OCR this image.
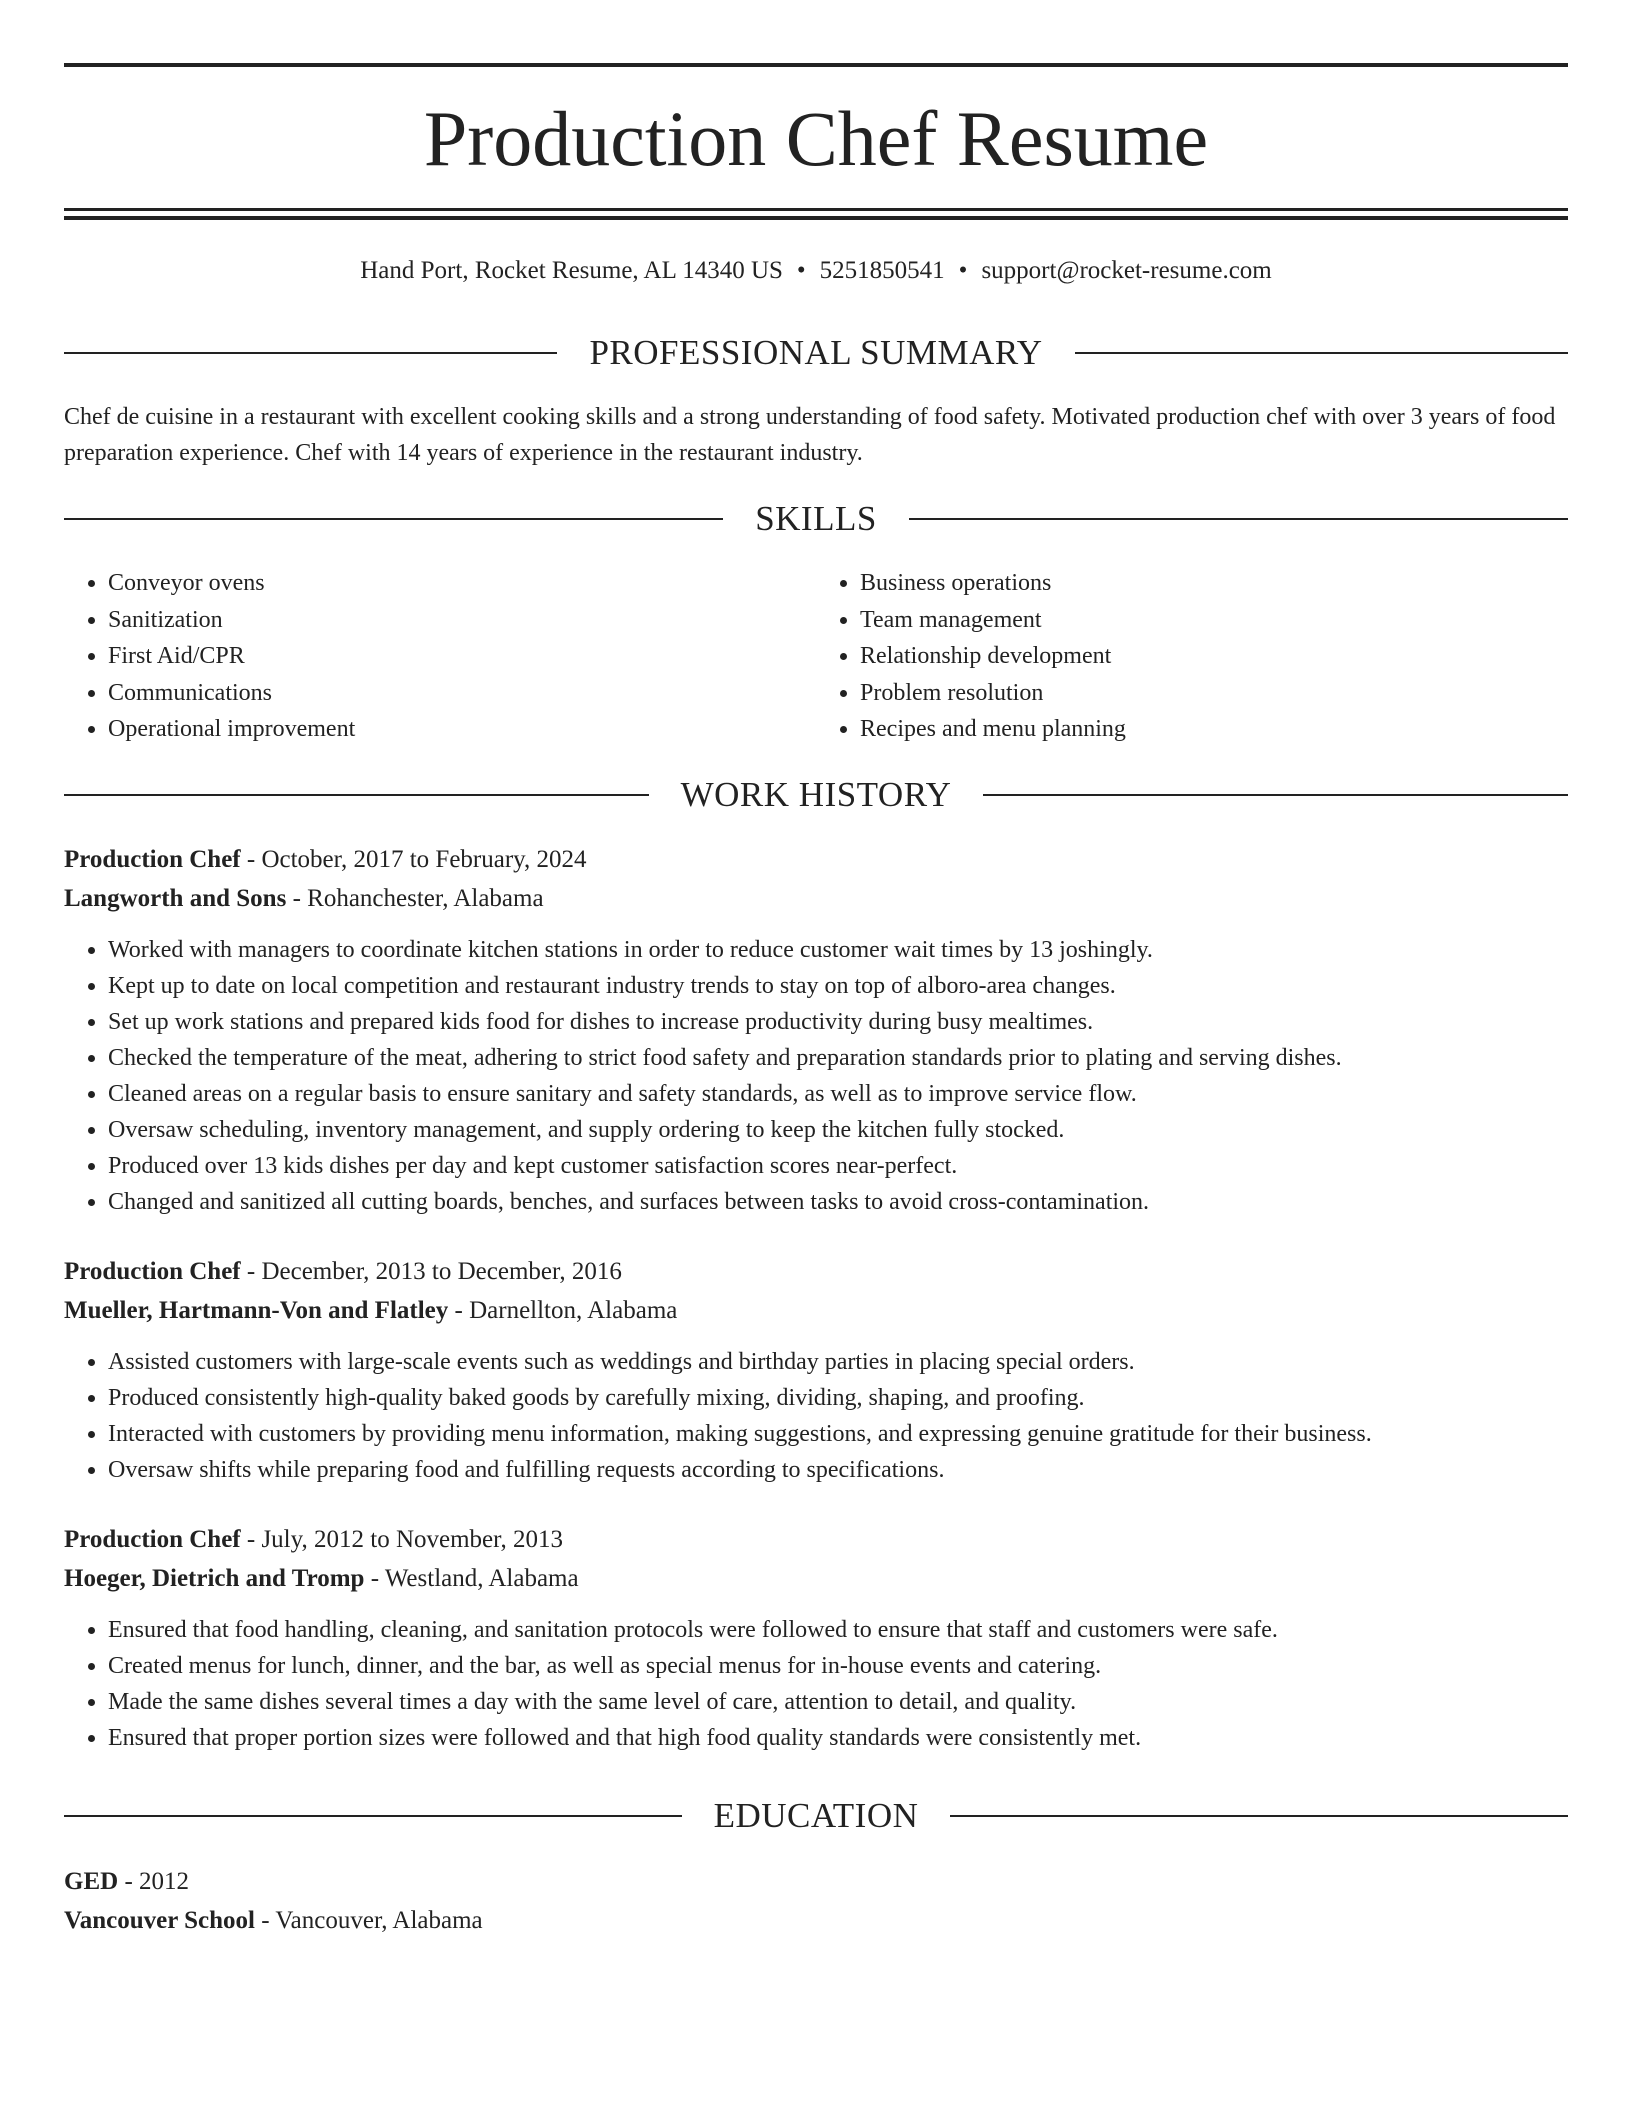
Production Chef Resume
Hand Port, Rocket Resume, AL 14340 US • 5251850541 • support@rocket-resume.com
PROFESSIONAL SUMMARY

Chef de cuisine in a restaurant with excellent cooking skills and a strong understanding of food safety. Motivated production chef with over 3 years of food preparation experience. Chef with 14 years of experience in the restaurant industry.

SKILLS
• Conveyor ovens
• Sanitization
• First Aid/CPR
• Communications
• Operational improvement
• Business operations
• Team management
• Relationship development
• Problem resolution
• Recipes and menu planning
WORK HISTORY
Production Chef - October, 2017 to February, 2024
Langworth and Sons - Rohanchester, Alabama
• Worked with managers to coordinate kitchen stations in order to reduce customer wait times by 13 joshingly.
• Kept up to date on local competition and restaurant industry trends to stay on top of alboro-area changes.
• Set up work stations and prepared kids food for dishes to increase productivity during busy mealtimes.
• Checked the temperature of the meat, adhering to strict food safety and preparation standards prior to plating and serving dishes.
• Cleaned areas on a regular basis to ensure sanitary and safety standards, as well as to improve service flow.
• Oversaw scheduling, inventory management, and supply ordering to keep the kitchen fully stocked.
• Produced over 13 kids dishes per day and kept customer satisfaction scores near-perfect.
• Changed and sanitized all cutting boards, benches, and surfaces between tasks to avoid cross-contamination.
Production Chef - December, 2013 to December, 2016
Mueller, Hartmann-Von and Flatley - Darnellton, Alabama
• Assisted customers with large-scale events such as weddings and birthday parties in placing special orders.
• Produced consistently high-quality baked goods by carefully mixing, dividing, shaping, and proofing.
• Interacted with customers by providing menu information, making suggestions, and expressing genuine gratitude for their business.
• Oversaw shifts while preparing food and fulfilling requests according to specifications.
Production Chef - July, 2012 to November, 2013
Hoeger, Dietrich and Tromp - Westland, Alabama
• Ensured that food handling, cleaning, and sanitation protocols were followed to ensure that staff and customers were safe.
• Created menus for lunch, dinner, and the bar, as well as special menus for in-house events and catering.
• Made the same dishes several times a day with the same level of care, attention to detail, and quality.
• Ensured that proper portion sizes were followed and that high food quality standards were consistently met.
EDUCATION
GED - 2012
Vancouver School - Vancouver, Alabama
